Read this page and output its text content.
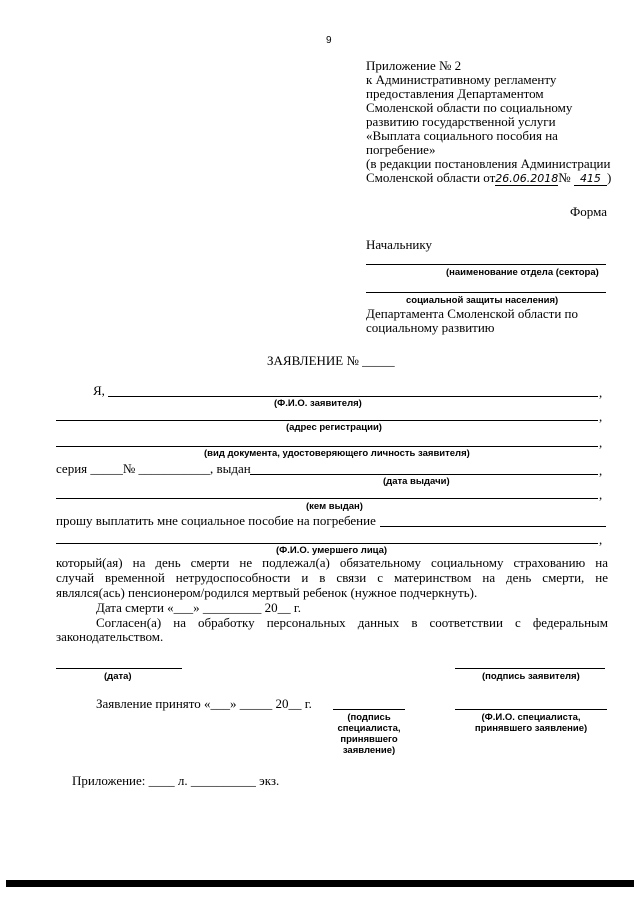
9
Приложение № 2
к Административному регламенту
предоставления Департаментом
Смоленской области по социальному
развитию государственной услуги
«Выплата социального пособия на
погребение»
(в редакции постановления Администрации
Смоленской области от26.06.2018№ 415 )
Форма
Начальнику
(наименование отдела (сектора)
социальной защиты населения)
Департамента Смоленской области по
социальному развитию
ЗАЯВЛЕНИЕ № _____
Я,	,
(Ф.И.О. заявителя)
,
(адрес регистрации)
,
(вид документа, удостоверяющего личность заявителя)
серия _____№ ___________, выдан	,
(дата выдачи)
,
(кем выдан)
прошу выплатить мне социальное пособие на погребение
,
(Ф.И.О. умершего лица)
который(ая) на день смерти не подлежал(а) обязательному социальному страхованию на
случай временной нетрудоспособности и в связи с материнством на день смерти, не
являлся(ась) пенсионером/родился мертвый ребенок (нужное подчеркнуть).
Дата смерти «___» _________ 20__ г.
Согласен(а) на обработку персональных данных в соответствии с федеральным
законодательством.
(дата)	(подпись заявителя)
Заявление принято «___» _____ 20__ г.
(подпись специалиста, принявшего заявление)
(Ф.И.О. специалиста, принявшего заявление)
Приложение: ____ л. __________ экз.
